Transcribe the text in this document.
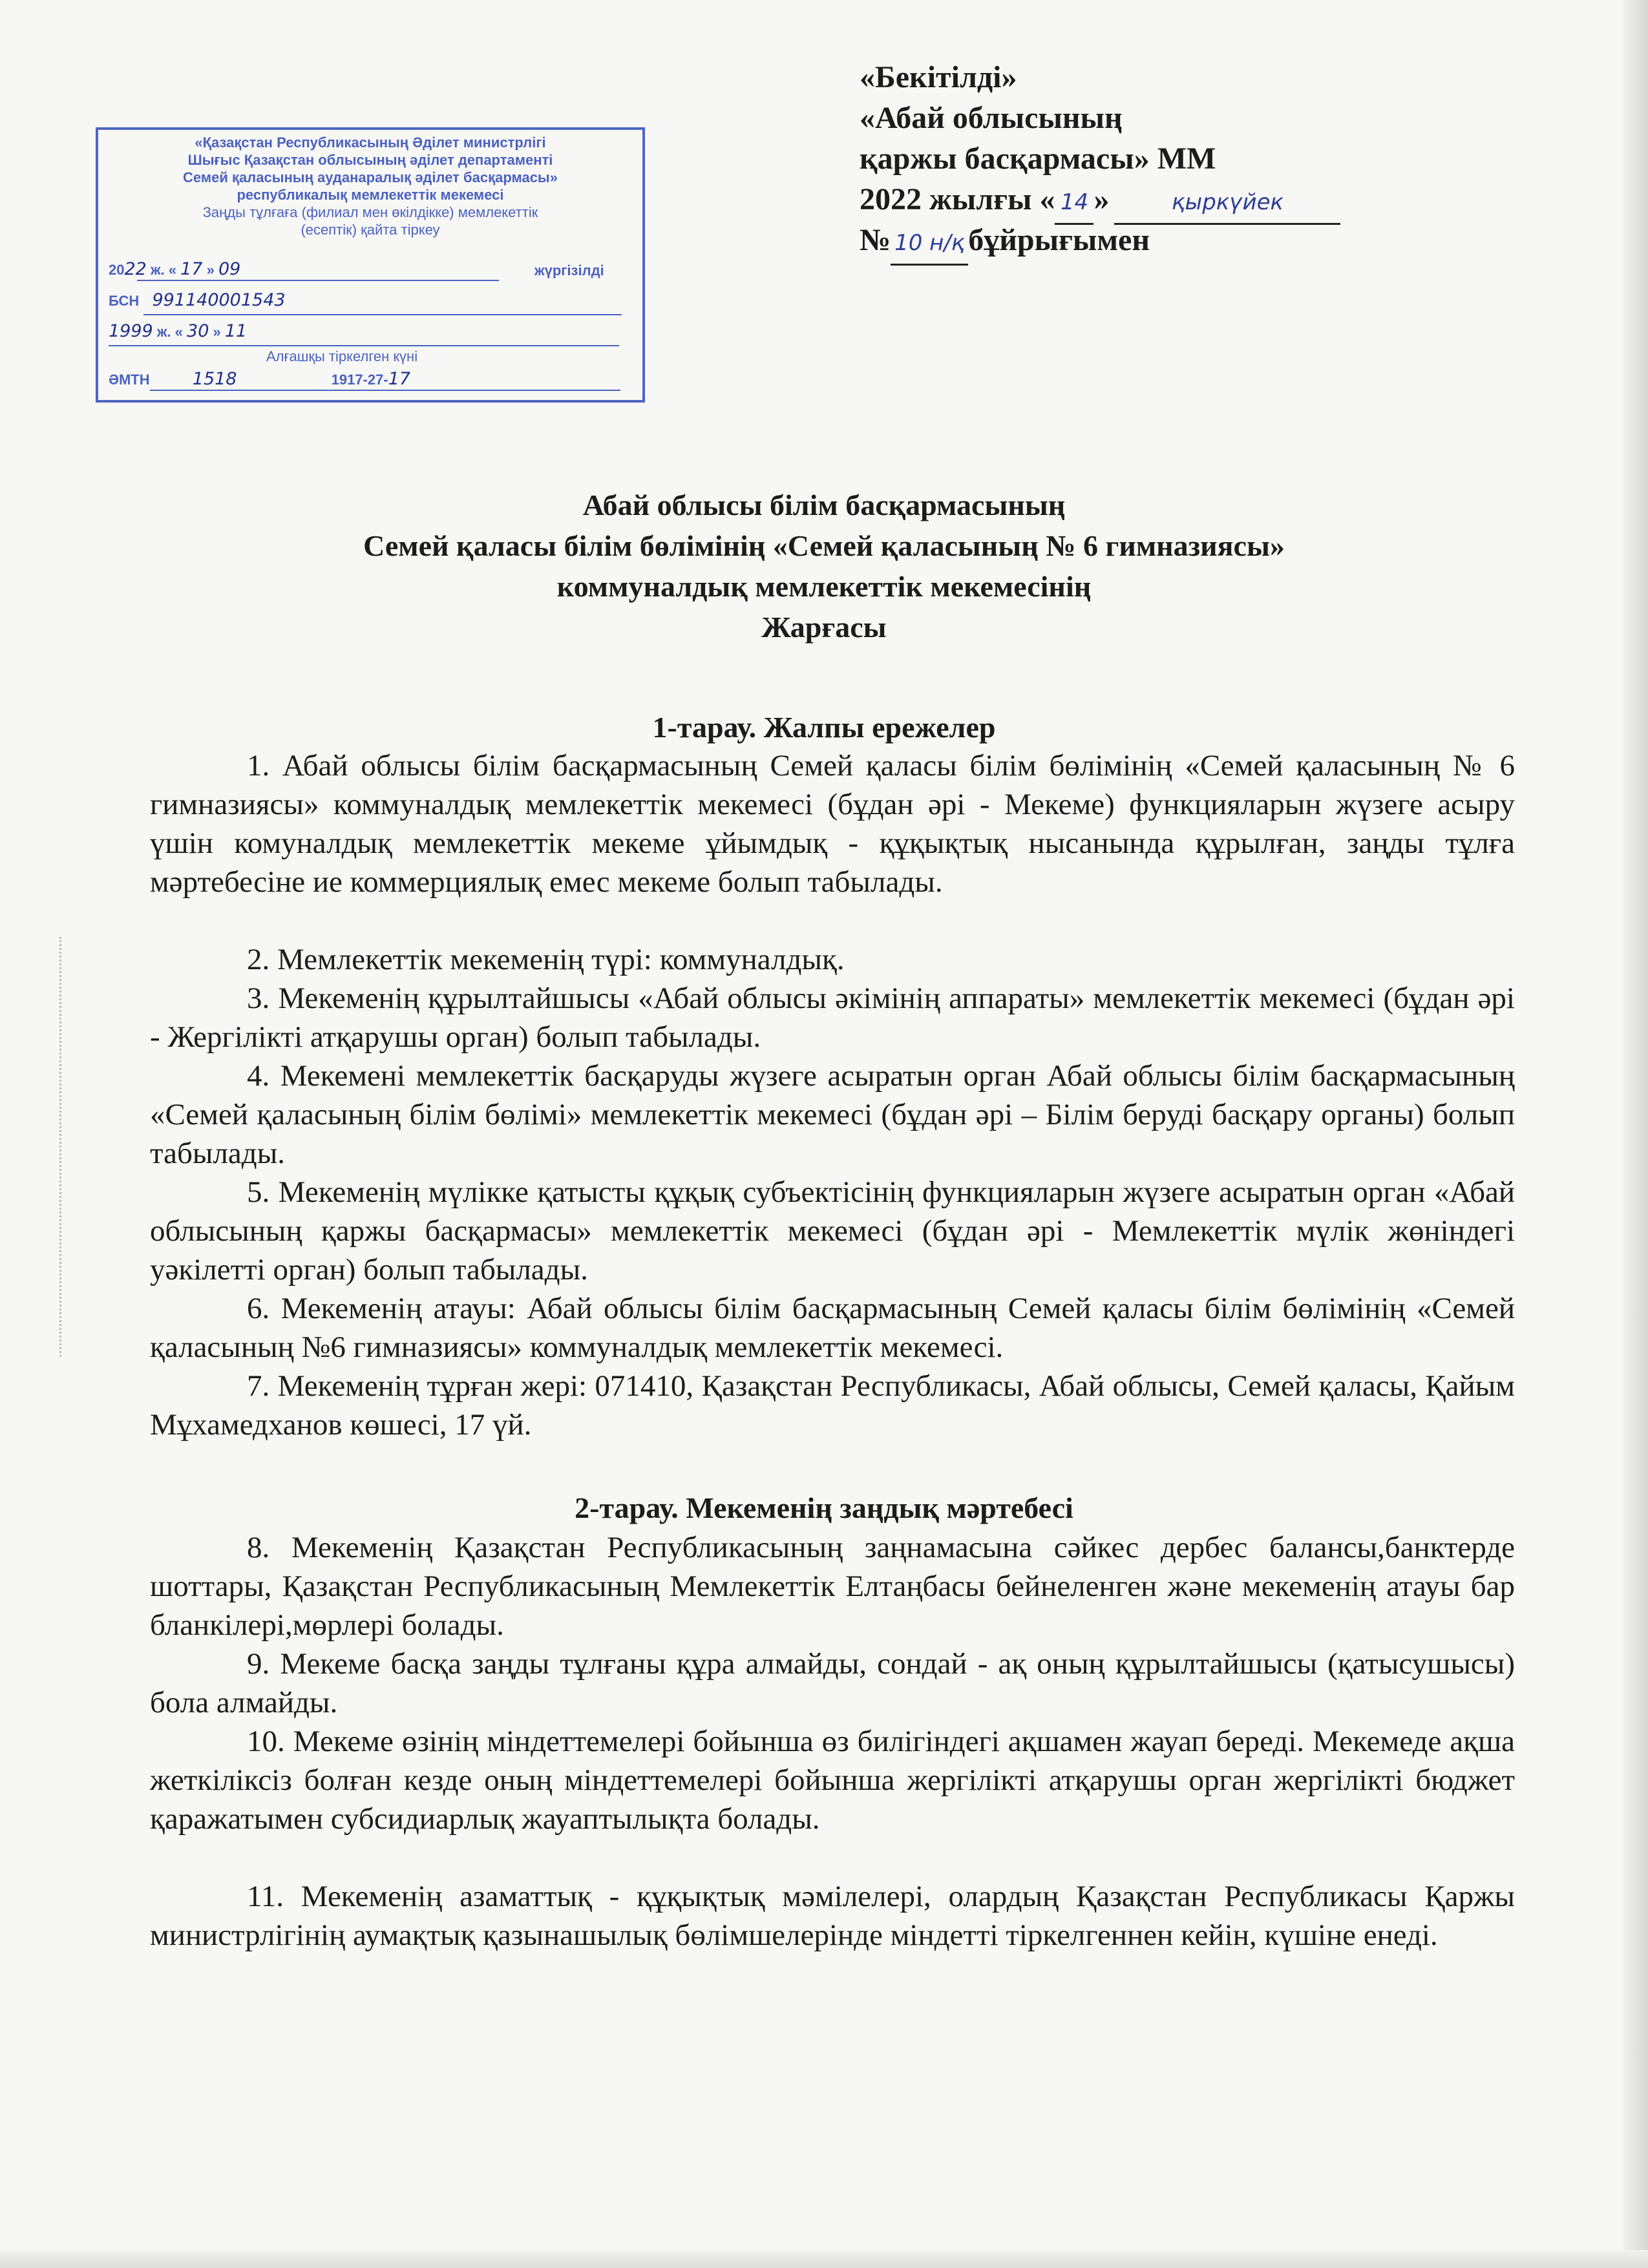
«Бекітілді»
«Абай облысының
қаржы басқармасы» ММ
2022 жылғы « 14 »	қыркүйек
№ 10 н/қ бұйрығымен
«Қазақстан Республикасының Әділет министрлігі
Шығыс Қазақстан облысының әділет департаменті
Семей қаласының ауданаралық әділет басқармасы»
республикалық мемлекеттік мекемесі
Заңды тұлғаға (филиал мен өкілдікке) мемлекеттік
(есептік) қайта тіркеу
2022 ж. « 17 » 09	жүргізілді
БСН 991140001543
1999 ж. « 30 » 11
Алғашқы тіркелген күні
ӘМТН 1518	1917-27-17
Абай облысы білім басқармасының
Семей қаласы білім бөлімінің «Семей қаласының № 6 гимназиясы»
коммуналдық мемлекеттік мекемесінің
Жарғасы
1-тарау. Жалпы ережелер
1. Абай облысы білім басқармасының Семей қаласы білім бөлімінің «Семей қаласының № 6 гимназиясы» коммуналдық мемлекеттік мекемесі (бұдан әрі - Мекеме) функцияларын жүзеге асыру үшін комуналдық мемлекеттік мекеме ұйымдық - құқықтық нысанында құрылған, заңды тұлға мәртебесіне ие коммерциялық емес мекеме болып табылады.
2. Мемлекеттік мекеменің түрі: коммуналдық.
3. Мекеменің құрылтайшысы «Абай облысы әкімінің аппараты» мемлекеттік мекемесі (бұдан әрі - Жергілікті атқарушы орган) болып табылады.
4. Мекемені мемлекеттік басқаруды жүзеге асыратын орган Абай облысы білім басқармасының «Семей қаласының білім бөлімі» мемлекеттік мекемесі (бұдан әрі – Білім беруді басқару органы) болып табылады.
5. Мекеменің мүлікке қатысты құқық субъектісінің функцияларын жүзеге асыратын орган «Абай облысының қаржы басқармасы» мемлекеттік мекемесі (бұдан әрі - Мемлекеттік мүлік жөніндегі уәкілетті орган) болып табылады.
6. Мекеменің атауы: Абай облысы білім басқармасының Семей қаласы білім бөлімінің «Семей қаласының №6 гимназиясы» коммуналдық мемлекеттік мекемесі.
7. Мекеменің тұрған жері: 071410, Қазақстан Республикасы, Абай облысы, Семей қаласы, Қайым Мұхамедханов көшесі, 17 үй.
2-тарау. Мекеменің заңдық мәртебесі
8. Мекеменің Қазақстан Республикасының заңнамасына сәйкес дербес балансы,банктерде шоттары, Қазақстан Республикасының Мемлекеттік Елтаңбасы бейнеленген және мекеменің атауы бар бланкілері,мөрлері болады.
9. Мекеме басқа заңды тұлғаны құра алмайды, сондай - ақ оның құрылтайшысы (қатысушысы) бола алмайды.
10. Мекеме өзінің міндеттемелері бойынша өз билігіндегі ақшамен жауап береді. Мекемеде ақша жеткіліксіз болған кезде оның міндеттемелері бойынша жергілікті атқарушы орган жергілікті бюджет қаражатымен субсидиарлық жауаптылықта болады.
11. Мекеменің азаматтық - құқықтық мәмілелері, олардың Қазақстан Республикасы Қаржы министрлігінің аумақтық қазынашылық бөлімшелерінде міндетті тіркелгеннен кейін, күшіне енеді.
